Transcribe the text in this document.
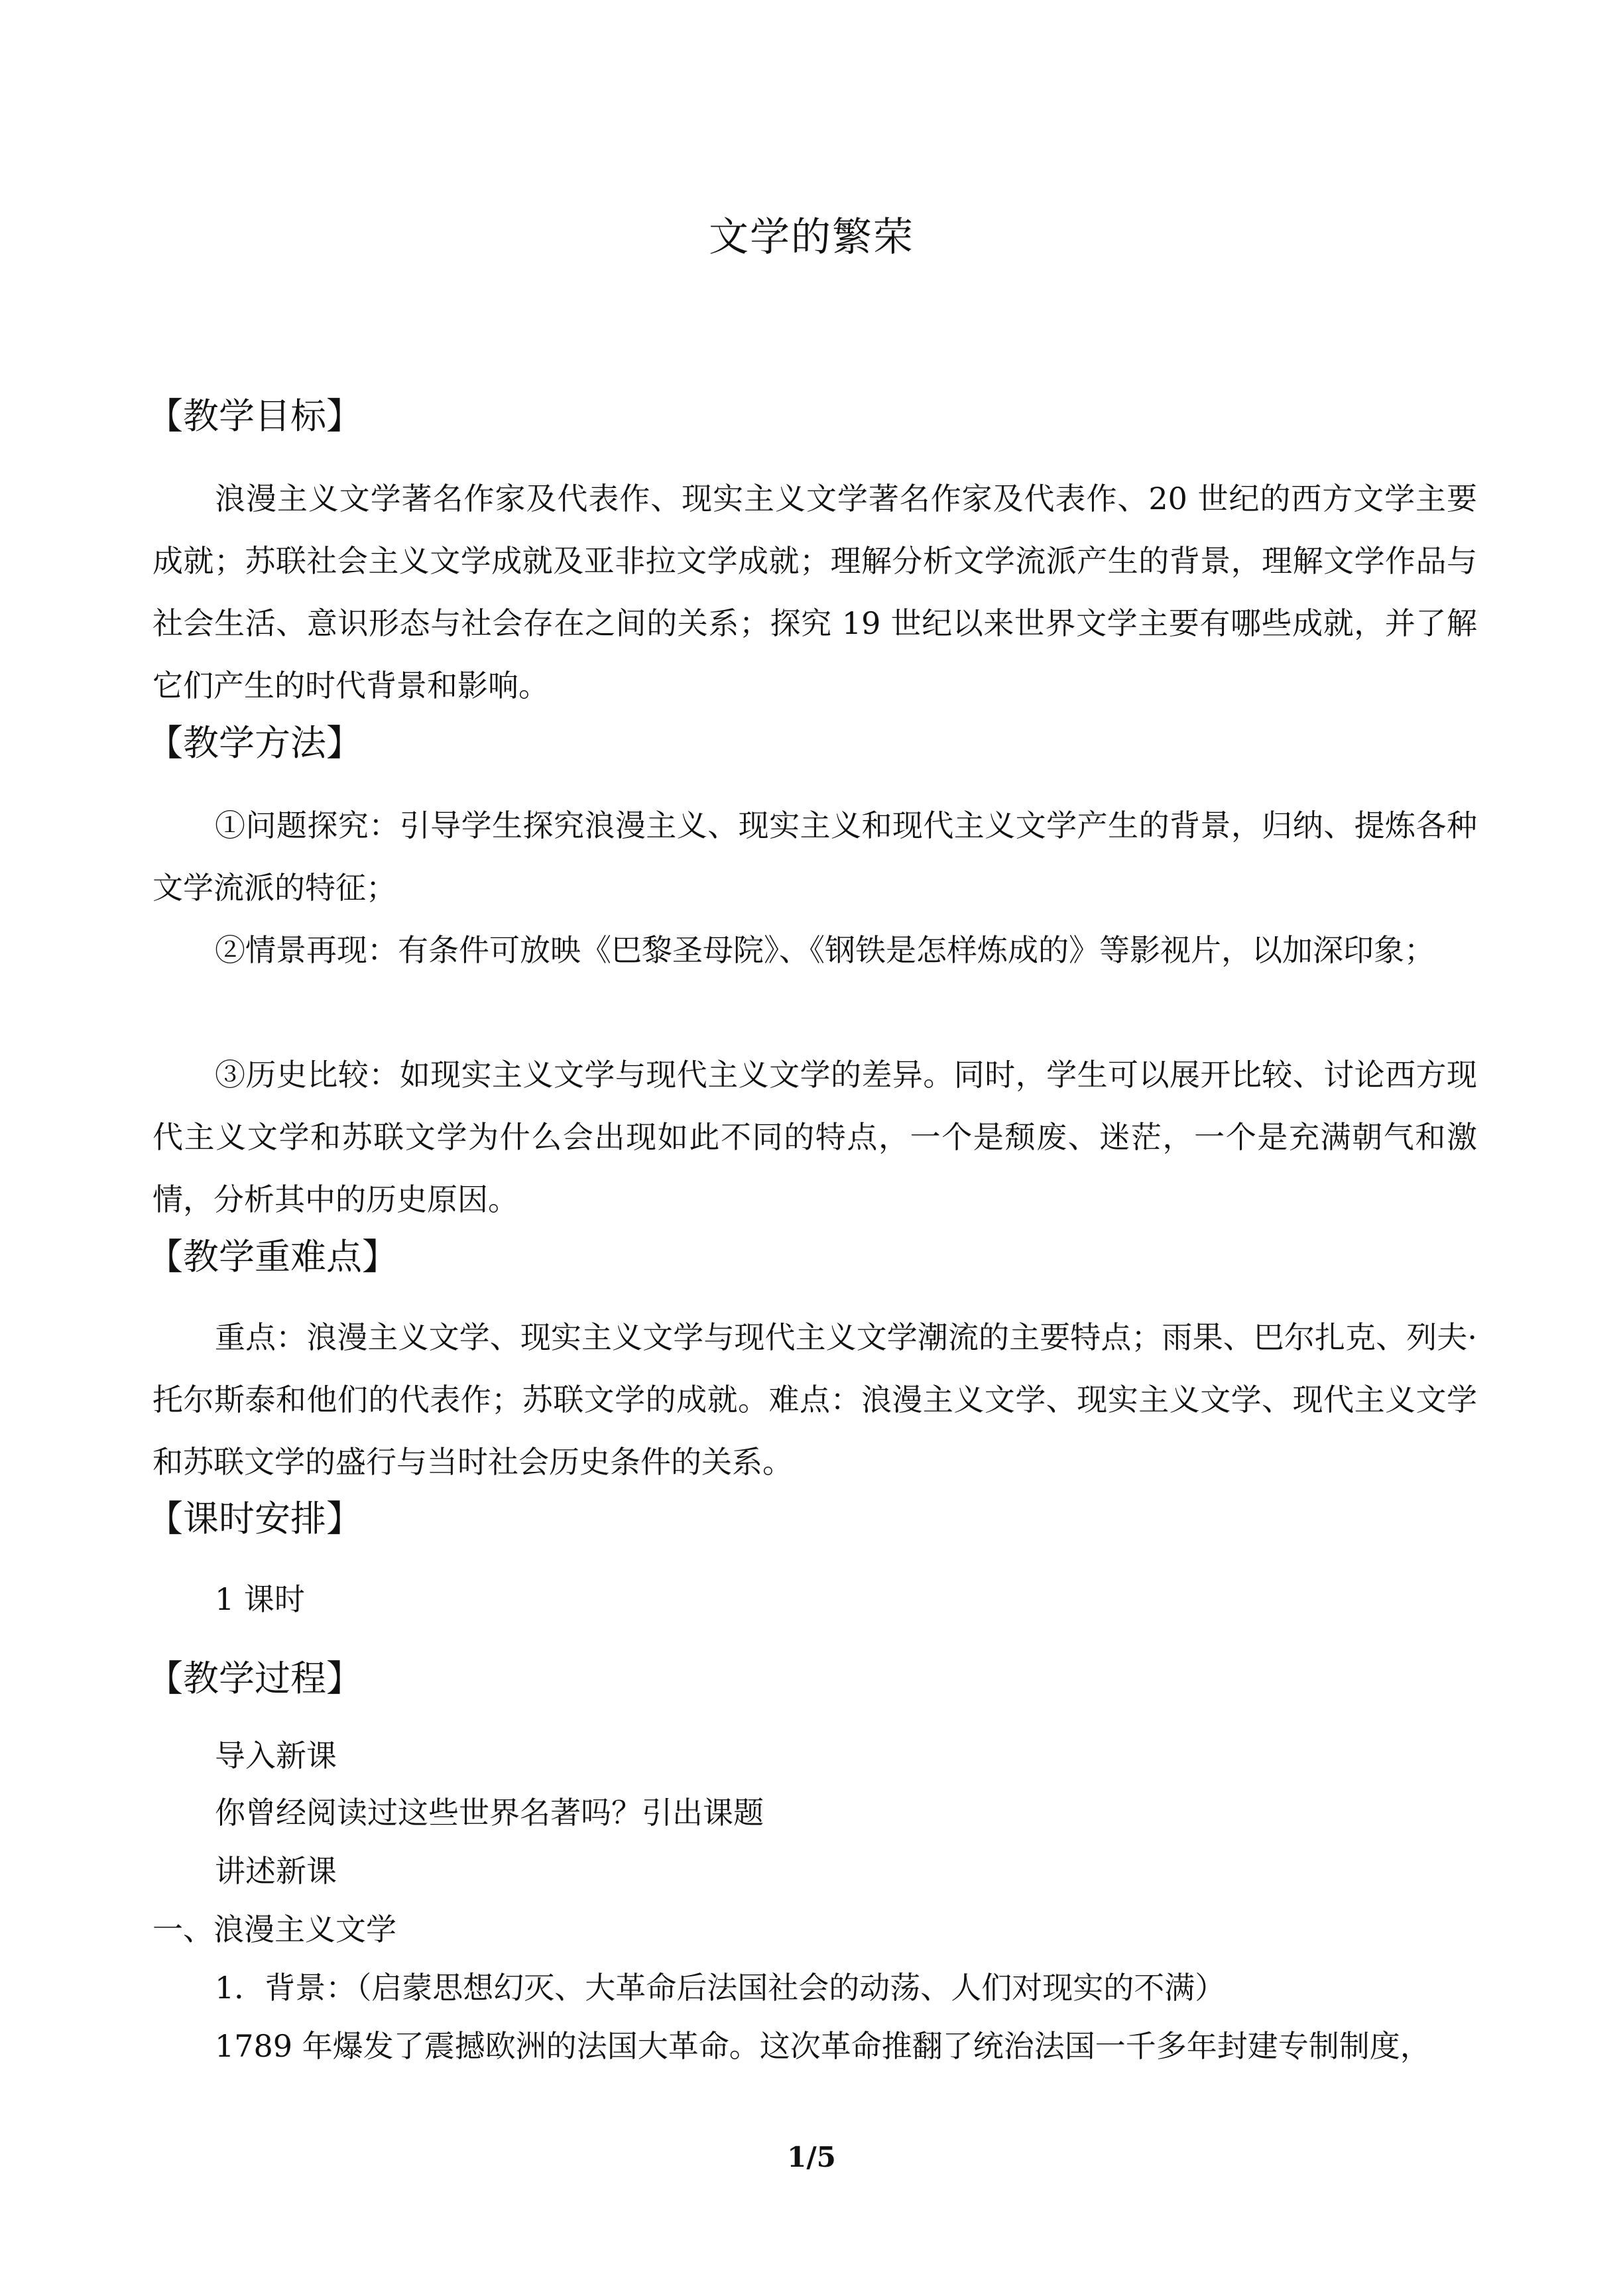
文学的繁荣
【教学目标】

浪漫主义文学著名作家及代表作、现实主义文学著名作家及代表作、20 世纪的西方文学主要成就；苏联社会主义文学成就及亚非拉文学成就；理解分析文学流派产生的背景，理解文学作品与社会生活、意识形态与社会存在之间的关系；探究 19 世纪以来世界文学主要有哪些成就，并了解它们产生的时代背景和影响。

【教学方法】

①问题探究：引导学生探究浪漫主义、现实主义和现代主义文学产生的背景，归纳、提炼各种文学流派的特征；

②情景再现：有条件可放映《巴黎圣母院》、《钢铁是怎样炼成的》等影视片，以加深印象；

③历史比较：如现实主义文学与现代主义文学的差异。同时，学生可以展开比较、讨论西方现代主义文学和苏联文学为什么会出现如此不同的特点，一个是颓废、迷茫，一个是充满朝气和激情，分析其中的历史原因。

【教学重难点】

重点：浪漫主义文学、现实主义文学与现代主义文学潮流的主要特点；雨果、巴尔扎克、列夫·托尔斯泰和他们的代表作；苏联文学的成就。难点：浪漫主义文学、现实主义文学、现代主义文学和苏联文学的盛行与当时社会历史条件的关系。

【课时安排】
1 课时
【教学过程】
导入新课
你曾经阅读过这些世界名著吗？引出课题
讲述新课
一、浪漫主义文学
1．背景：（启蒙思想幻灭、大革命后法国社会的动荡、人们对现实的不满）
1789 年爆发了震撼欧洲的法国大革命。这次革命推翻了统治法国一千多年封建专制制度，
1/5
